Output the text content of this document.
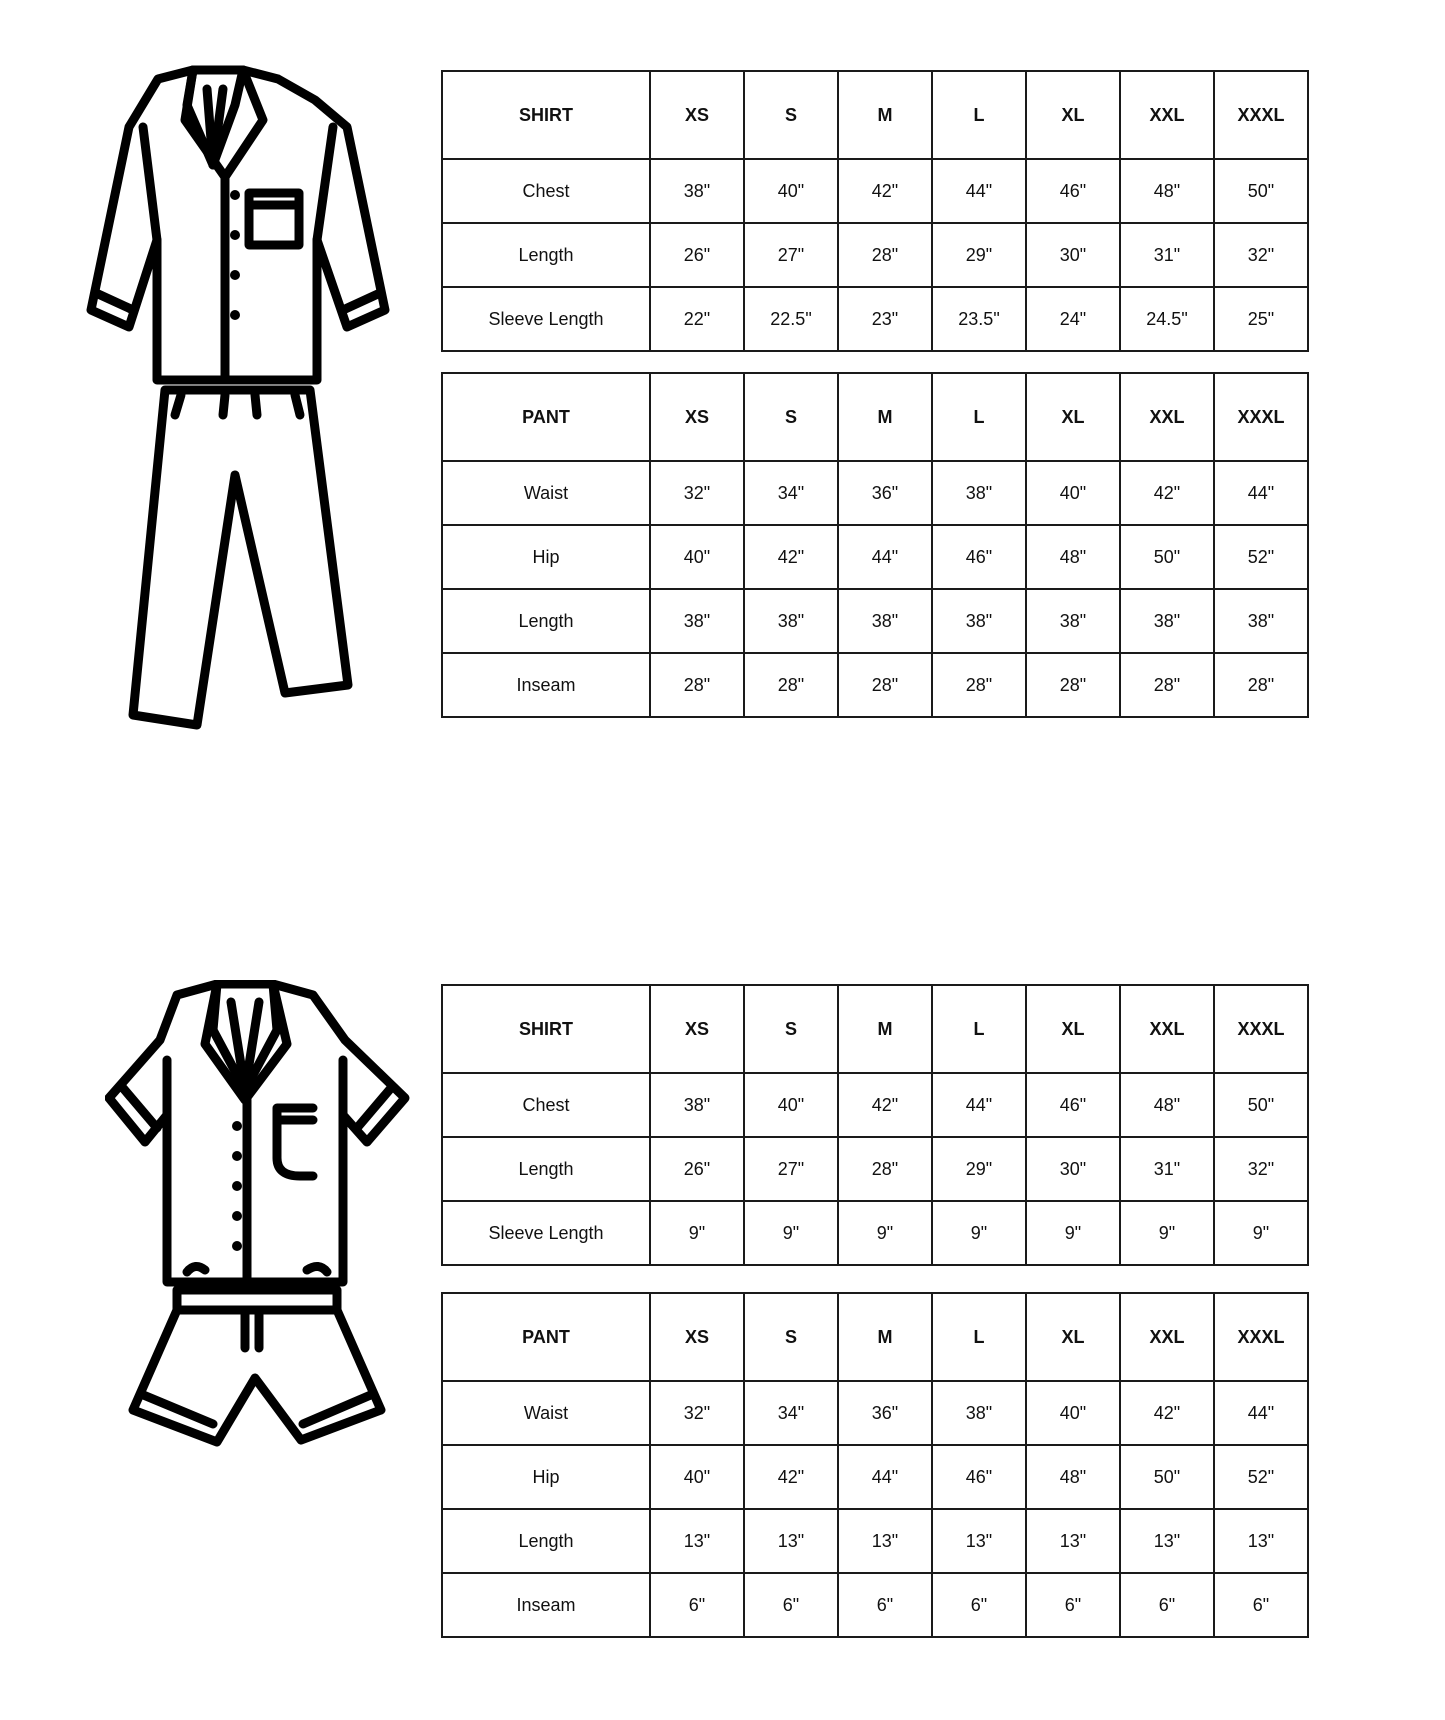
SHIRT	XS	S	M	L	XL	XXL	XXXL
Chest	38"	40"	42"	44"	46"	48"	50"
Length	26"	27"	28"	29"	30"	31"	32"
Sleeve Length	22"	22.5"	23"	23.5"	24"	24.5"	25"
PANT	XS	S	M	L	XL	XXL	XXXL
Waist	32"	34"	36"	38"	40"	42"	44"
Hip	40"	42"	44"	46"	48"	50"	52"
Length	38"	38"	38"	38"	38"	38"	38"
Inseam	28"	28"	28"	28"	28"	28"	28"
SHIRT	XS	S	M	L	XL	XXL	XXXL
Chest	38"	40"	42"	44"	46"	48"	50"
Length	26"	27"	28"	29"	30"	31"	32"
Sleeve Length	9"	9"	9"	9"	9"	9"	9"
PANT	XS	S	M	L	XL	XXL	XXXL
Waist	32"	34"	36"	38"	40"	42"	44"
Hip	40"	42"	44"	46"	48"	50"	52"
Length	13"	13"	13"	13"	13"	13"	13"
Inseam	6"	6"	6"	6"	6"	6"	6"
